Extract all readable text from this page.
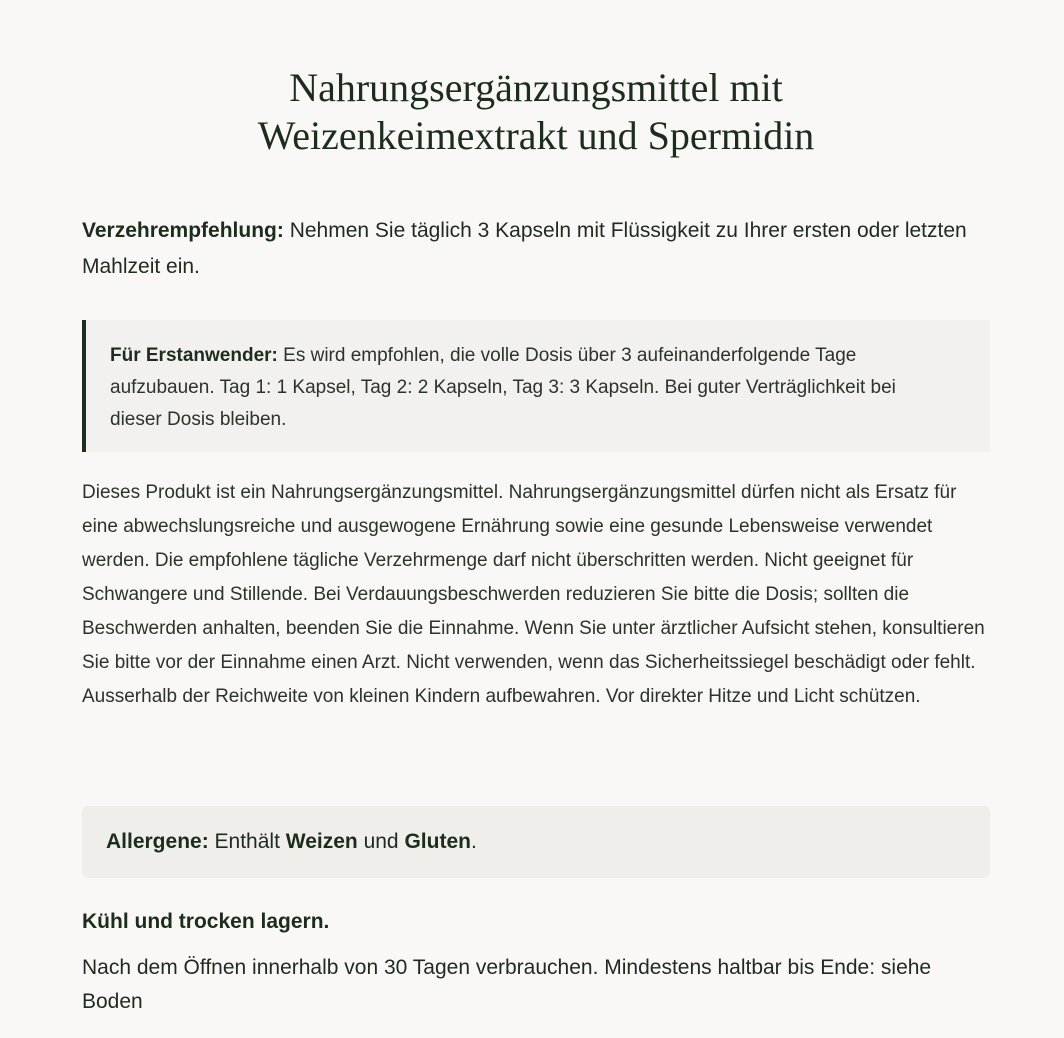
Nahrungsergänzungsmittel mit
Weizenkeimextrakt und Spermidin

Verzehrempfehlung: Nehmen Sie täglich 3 Kapseln mit Flüssigkeit zu Ihrer ersten oder letzten Mahlzeit ein.

Für Erstanwender: Es wird empfohlen, die volle Dosis über 3 aufeinanderfolgende Tage aufzubauen. Tag 1: 1 Kapsel, Tag 2: 2 Kapseln, Tag 3: 3 Kapseln. Bei guter Verträglichkeit bei dieser Dosis bleiben.

Dieses Produkt ist ein Nahrungsergänzungsmittel. Nahrungsergänzungsmittel dürfen nicht als Ersatz für eine abwechslungsreiche und ausgewogene Ernährung sowie eine gesunde Lebensweise verwendet werden. Die empfohlene tägliche Verzehrmenge darf nicht überschritten werden. Nicht geeignet für Schwangere und Stillende. Bei Verdauungsbeschwerden reduzieren Sie bitte die Dosis; sollten die Beschwerden anhalten, beenden Sie die Einnahme. Wenn Sie unter ärztlicher Aufsicht stehen, konsultieren Sie bitte vor der Einnahme einen Arzt. Nicht verwenden, wenn das Sicherheitssiegel beschädigt oder fehlt. Ausserhalb der Reichweite von kleinen Kindern aufbewahren. Vor direkter Hitze und Licht schützen.

Allergene: Enthält Weizen und Gluten.

Kühl und trocken lagern.

Nach dem Öffnen innerhalb von 30 Tagen verbrauchen. Mindestens haltbar bis Ende: siehe Boden
